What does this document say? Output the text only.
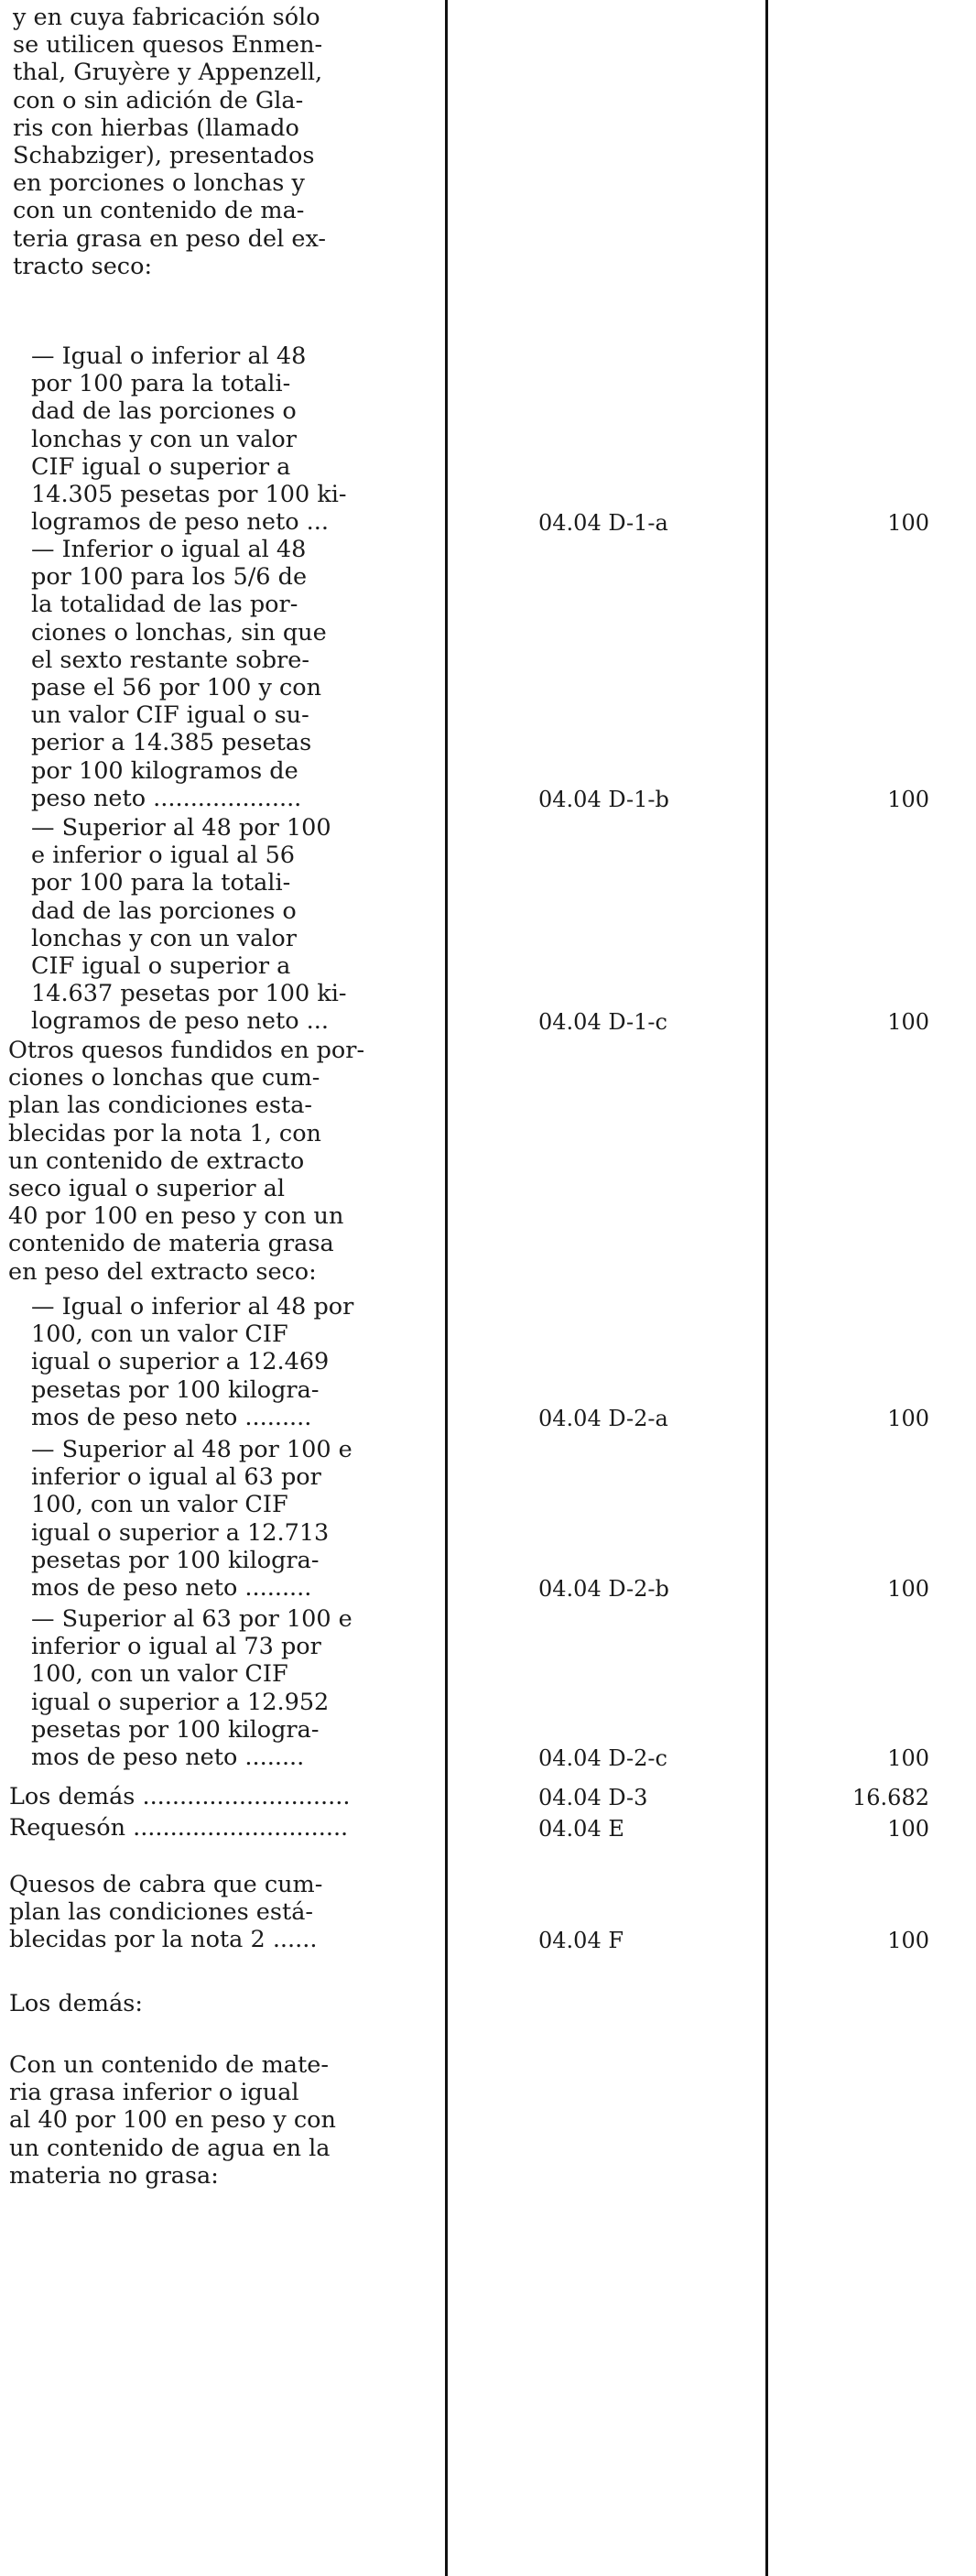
y en cuya fabricación sólo
se utilicen quesos Enmen-
thal, Gruyère y Appenzell,
con o sin adición de Gla-
ris con hierbas (llamado
Schabziger), presentados
en porciones o lonchas y
con un contenido de ma-
teria grasa en peso del ex-
tracto seco:
— Igual o inferior al 48
por 100 para la totali-
dad de las porciones o
lonchas y con un valor
CIF igual o superior a
14.305 pesetas por 100 ki-
logramos de peso neto ...	04.04 D-1-a	100
— Inferior o igual al 48
por 100 para los 5/6 de
la totalidad de las por-
ciones o lonchas, sin que
el sexto restante sobre-
pase el 56 por 100 y con
un valor CIF igual o su-
perior a 14.385 pesetas
por 100 kilogramos de
peso neto ....................	04.04 D-1-b	100
— Superior al 48 por 100
e inferior o igual al 56
por 100 para la totali-
dad de las porciones o
lonchas y con un valor
CIF igual o superior a
14.637 pesetas por 100 ki-
logramos de peso neto ...	04.04 D-1-c	100
Otros quesos fundidos en por-
ciones o lonchas que cum-
plan las condiciones esta-
blecidas por la nota 1, con
un contenido de extracto
seco igual o superior al
40 por 100 en peso y con un
contenido de materia grasa
en peso del extracto seco:
— Igual o inferior al 48 por
100, con un valor CIF
igual o superior a 12.469
pesetas por 100 kilogra-
mos de peso neto .........	04.04 D-2-a	100
— Superior al 48 por 100 e
inferior o igual al 63 por
100, con un valor CIF
igual o superior a 12.713
pesetas por 100 kilogra-
mos de peso neto .........	04.04 D-2-b	100
— Superior al 63 por 100 e
inferior o igual al 73 por
100, con un valor CIF
igual o superior a 12.952
pesetas por 100 kilogra-
mos de peso neto ........	04.04 D-2-c	100
Los demás ............................	04.04 D-3	16.682
Requesón .............................	04.04 E	100
Quesos de cabra que cum-
plan las condiciones está-
blecidas por la nota 2 ......	04.04 F	100
Los demás:
Con un contenido de mate-
ria grasa inferior o igual
al 40 por 100 en peso y con
un contenido de agua en la
materia no grasa:
